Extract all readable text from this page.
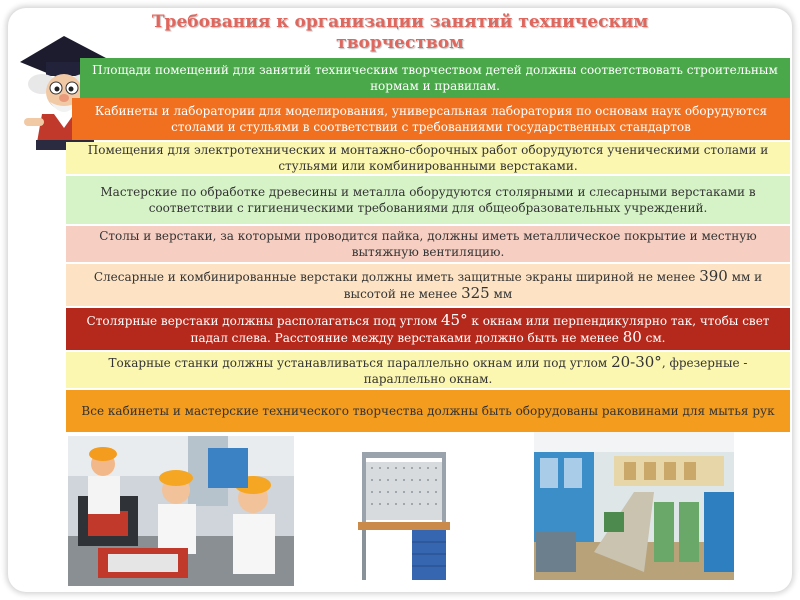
Требования к организации занятий техническим творчеством
Площади помещений для занятий техническим творчеством детей должны соответствовать строительным нормам и правилам.
Кабинеты и лаборатории для моделирования, универсальная лаборатория по основам наук оборудуются столами и стульями в соответствии с требованиями государственных стандартов
Помещения для электротехнических и монтажно-сборочных работ оборудуются ученическими столами и стульями или комбинированными верстаками.
Мастерские по обработке древесины и металла оборудуются столярными и слесарными верстаками в соответствии с гигиеническими требованиями для общеобразовательных учреждений.
Столы и верстаки, за которыми проводится пайка, должны иметь металлическое покрытие и местную вытяжную вентиляцию.
Слесарные и комбинированные верстаки должны иметь защитные экраны шириной не менее 390 мм и высотой не менее 325 мм
Столярные верстаки должны располагаться под углом 45° к окнам или перпендикулярно так, чтобы свет падал слева. Расстояние между верстаками должно быть не менее 80 см.
Токарные станки должны устанавливаться параллельно окнам или под углом 20-30°, фрезерные - параллельно окнам.
Все кабинеты и мастерские технического творчества должны быть оборудованы раковинами для мытья рук
